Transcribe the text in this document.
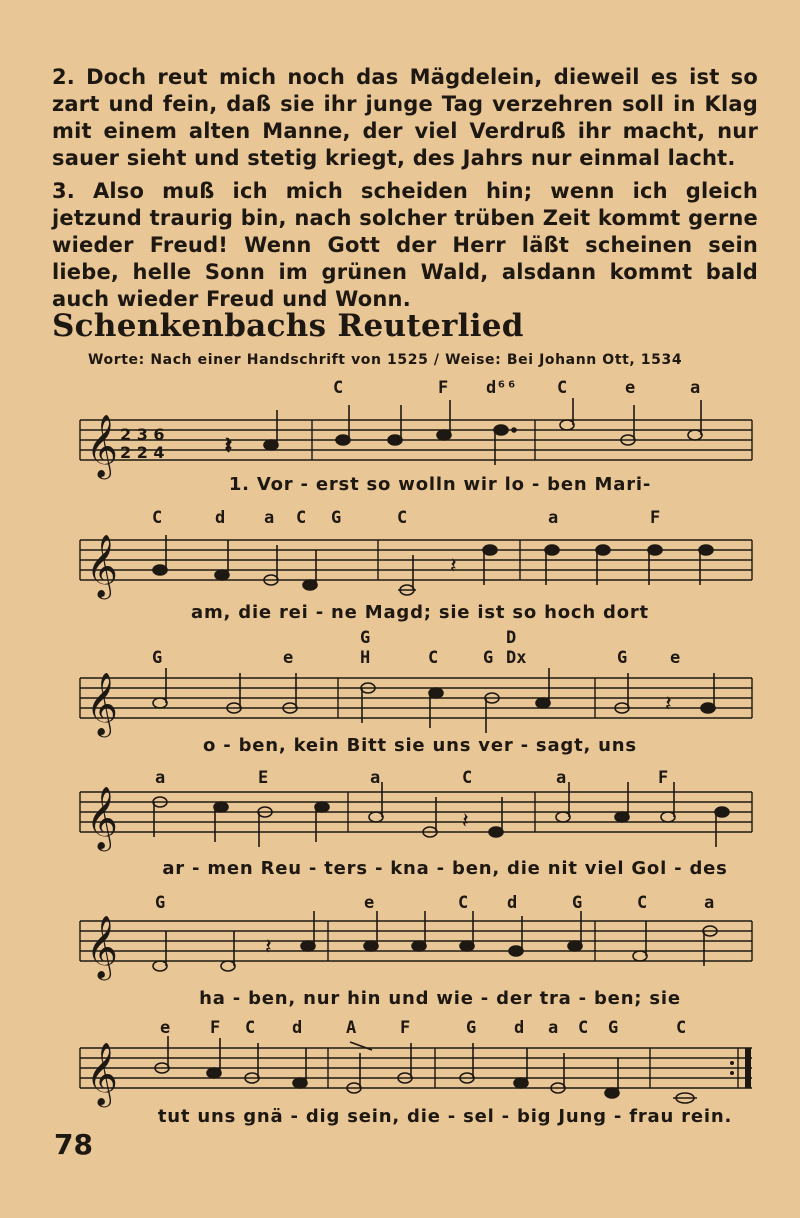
2. Doch reut mich noch das Mägdelein, dieweil es ist so zart und fein, daß sie ihr junge Tag verzehren soll in Klag mit einem alten Manne, der viel Verdruß ihr macht, nur sauer sieht und stetig kriegt, des Jahrs nur einmal lacht.

3. Also muß ich mich scheiden hin; wenn ich gleich jetzund traurig bin, nach solcher trüben Zeit kommt gerne wieder Freud! Wenn Gott der Herr läßt scheinen sein liebe, helle Sonn im grünen Wald, alsdann kommt bald auch wieder Freud und Wonn.

Schenkenbachs Reuterlied

Worte: Nach einer Handschrift von 1525 / Weise: Bei Johann Ott, 1534

C	F d⁶⁶ C	e	a
𝄞 2 3 6
2 2 4	𝄽
1. Vor - erst so wolln wir lo - ben Mari-
C	d a C G	C	a	F
𝄞	𝄽
am, die rei - ne Magd; sie ist so hoch dort
G	e
G
H	C	G
D
Dx	G	e
𝄞	𝄽
o - ben, kein Bitt sie uns ver - sagt, uns
a	E	a	C	a	F
𝄞	𝄽
ar - men Reu - ters - kna - ben, die nit viel Gol - des
G	e	C d	G	C	a
𝄞	𝄽
ha - ben, nur hin und wie - der tra - ben; sie
e F C d	A	F	G d a C G	C
𝄞
tut uns gnä - dig sein, die - sel - big Jung - frau rein.
78
